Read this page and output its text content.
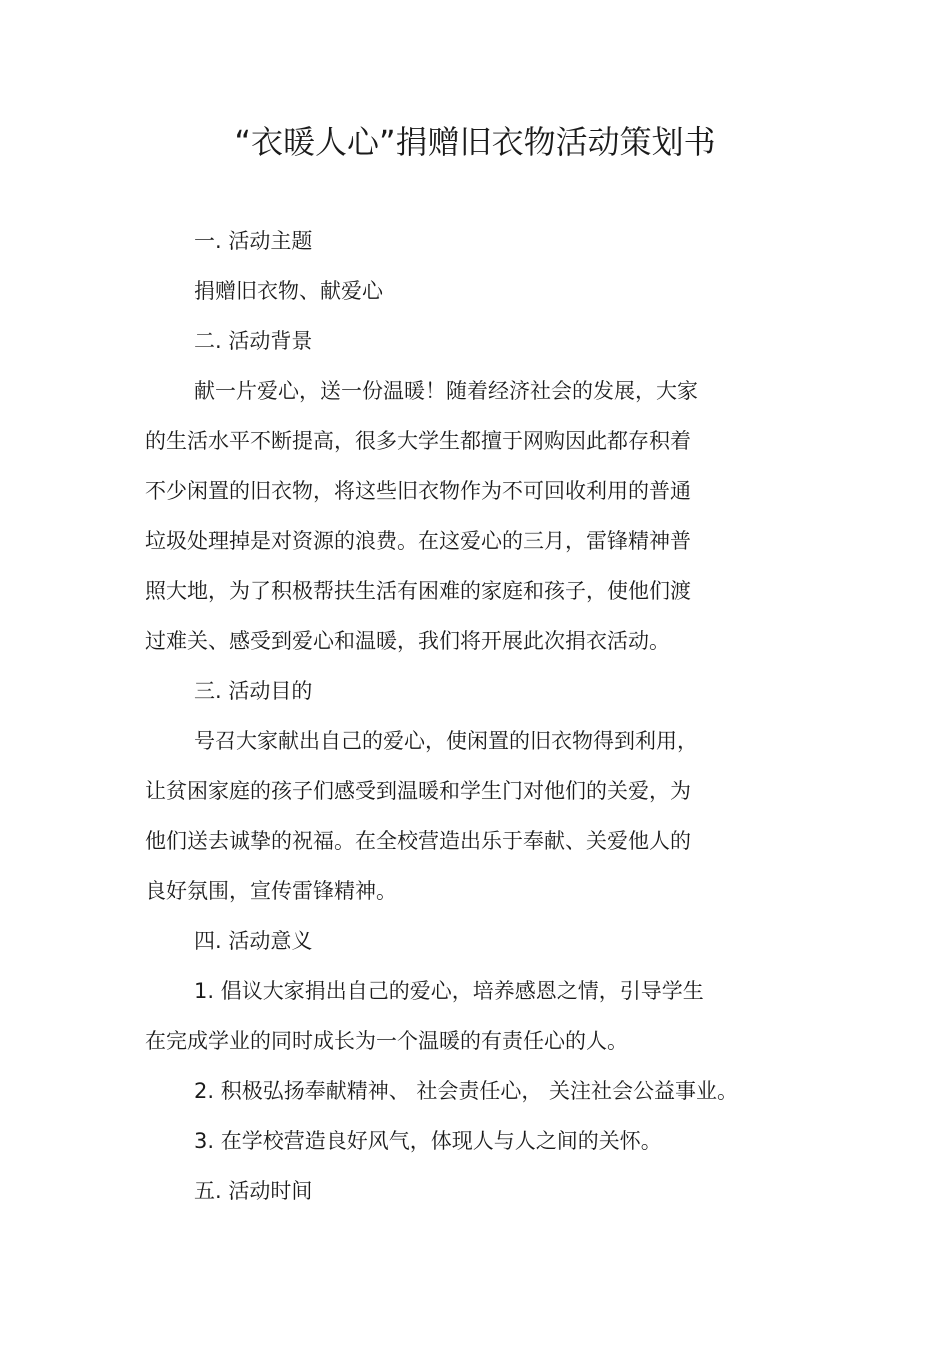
“衣暖人心”捐赠旧衣物活动策划书

一. 活动主题

捐赠旧衣物、献爱心

二. 活动背景

献一片爱心，送一份温暖！随着经济社会的发展，大家

的生活水平不断提高，很多大学生都擅于网购因此都存积着

不少闲置的旧衣物，将这些旧衣物作为不可回收利用的普通

垃圾处理掉是对资源的浪费。在这爱心的三月，雷锋精神普

照大地，为了积极帮扶生活有困难的家庭和孩子，使他们渡

过难关、感受到爱心和温暖，我们将开展此次捐衣活动。

三. 活动目的

号召大家献出自己的爱心，使闲置的旧衣物得到利用，

让贫困家庭的孩子们感受到温暖和学生门对他们的关爱，为

他们送去诚挚的祝福。在全校营造出乐于奉献、关爱他人的

良好氛围，宣传雷锋精神。

四. 活动意义

1. 倡议大家捐出自己的爱心，培养感恩之情，引导学生

在完成学业的同时成长为一个温暖的有责任心的人。

2. 积极弘扬奉献精神、 社会责任心， 关注社会公益事业。

3. 在学校营造良好风气，体现人与人之间的关怀。

五. 活动时间
